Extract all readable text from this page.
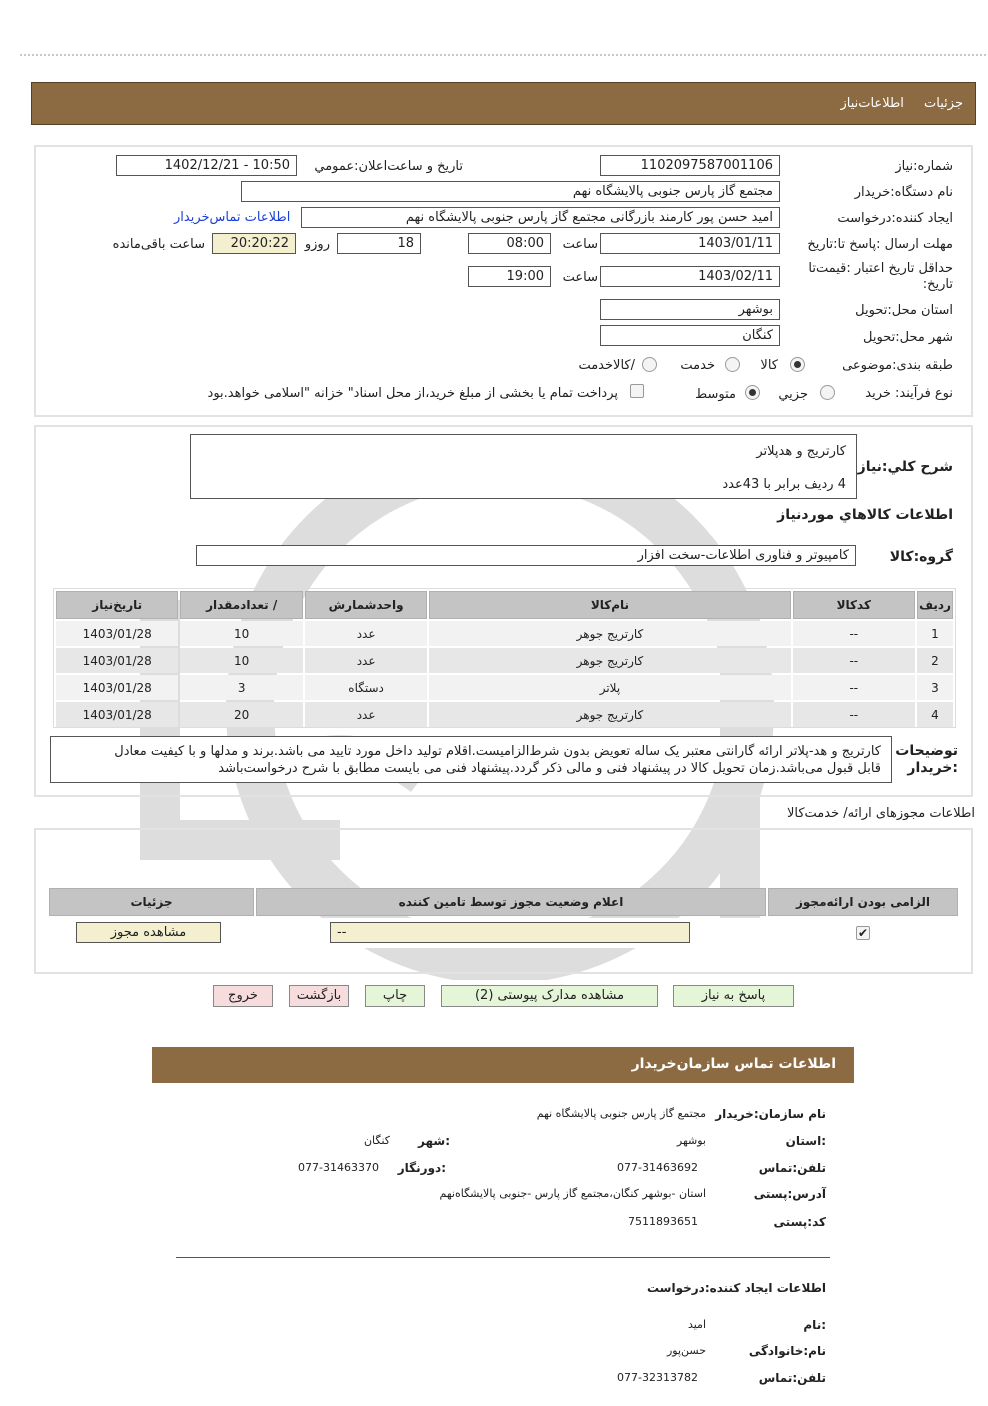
جزئیات اطلاعات‌نیاز
شماره:نیاز
1102097587001106
تاریخ و ساعت‌اعلان:عمومي
1402/12/21 - 10:50
نام دستگاه:خریدار
مجتمع گاز پارس جنوبی پالایشگاه نهم
ایجاد کننده:درخواست
امید حسن پور کارمند بازرگانی مجتمع گاز پارس جنوبی پالایشگاه نهم
اطلاعات تماس‌خریدار
مهلت ارسال :پاسخ تا:تاریخ
1403/01/11
ساعت
08:00
18
روزو
20:20:22
ساعت باقی‌مانده
حداقل تاریخ اعتبار :قیمت‌تا تاریخ:
1403/02/11
ساعت
19:00
استان محل:تحویل
بوشهر
شهر محل:تحویل
کنگان
طبقه بندی:موضوعی
کالا
خدمت
/کالاخدمت
نوع فرآیند: خرید
جزيي
متوسط
پرداخت تمام یا بخشی از مبلغ خرید،از محل اسناد" خزانه "اسلامی خواهد.بود
شرح کلي:نياز
کارتریج و هدپلاتر
4 ردیف برابر با 43عدد
اطلاعات کالاهاي مورد‌نياز
گروه:کالا
کامپیوتر و فناوری اطلاعات-سخت افزار
ردیف	کدکالا	نام‌کالا	واحد‌شمارش	/ تعداد‌مقدار	تاریخ‌نیاز
1	--	کارتریج جوهر	عدد	10	1403/01/28
2	--	کارتریج جوهر	عدد	10	1403/01/28
3	--	پلاتر	دستگاه	3	1403/01/28
4	--	کارتریج جوهر	عدد	20	1403/01/28
توضیحات :خریدار
کارتریج و هد-پلاتر ارائه گارانتی معتبر یک ساله تعویض بدون شرط‌الزامیست.اقلام تولید داخل مورد تایید می باشد.برند و مدلها و با کیفیت معادل
قابل قبول می‌باشد.زمان تحویل کالا در پیشنهاد فنی و مالی ذکر گردد.پیشنهاد فنی می بایست مطابق با شرح درخواست‌باشد
اطلاعات مجوزهای ارائه/ خدمت‌کالا
الزامی بودن ارائه‌مجوز	اعلام وضعیت مجوز توسط تامین کننده	جزئیات

✔	--	مشاهده مجوز
پاسخ به نیاز
مشاهده مدارک پیوستی (2)
چاپ
بازگشت
خروج
اطلاعات تماس سازمان‌خریدار
نام سازمان:خریدار
مجتمع گاز پارس جنوبی پالایشگاه نهم
:استان
بوشهر
:شهر
کنگان
تلفن:تماس
077-31463692
:دورنگار
077-31463370
آدرس:پستی
استان -بوشهر کنگان،مجتمع گاز پارس -جنوبی پالایشگاه‌نهم
کد:پستی
7511893651
اطلاعات ایجاد کننده:درخواست
:نام
امید
نام:خانوادگی
حسن‌پور
تلفن:تماس
077-32313782
